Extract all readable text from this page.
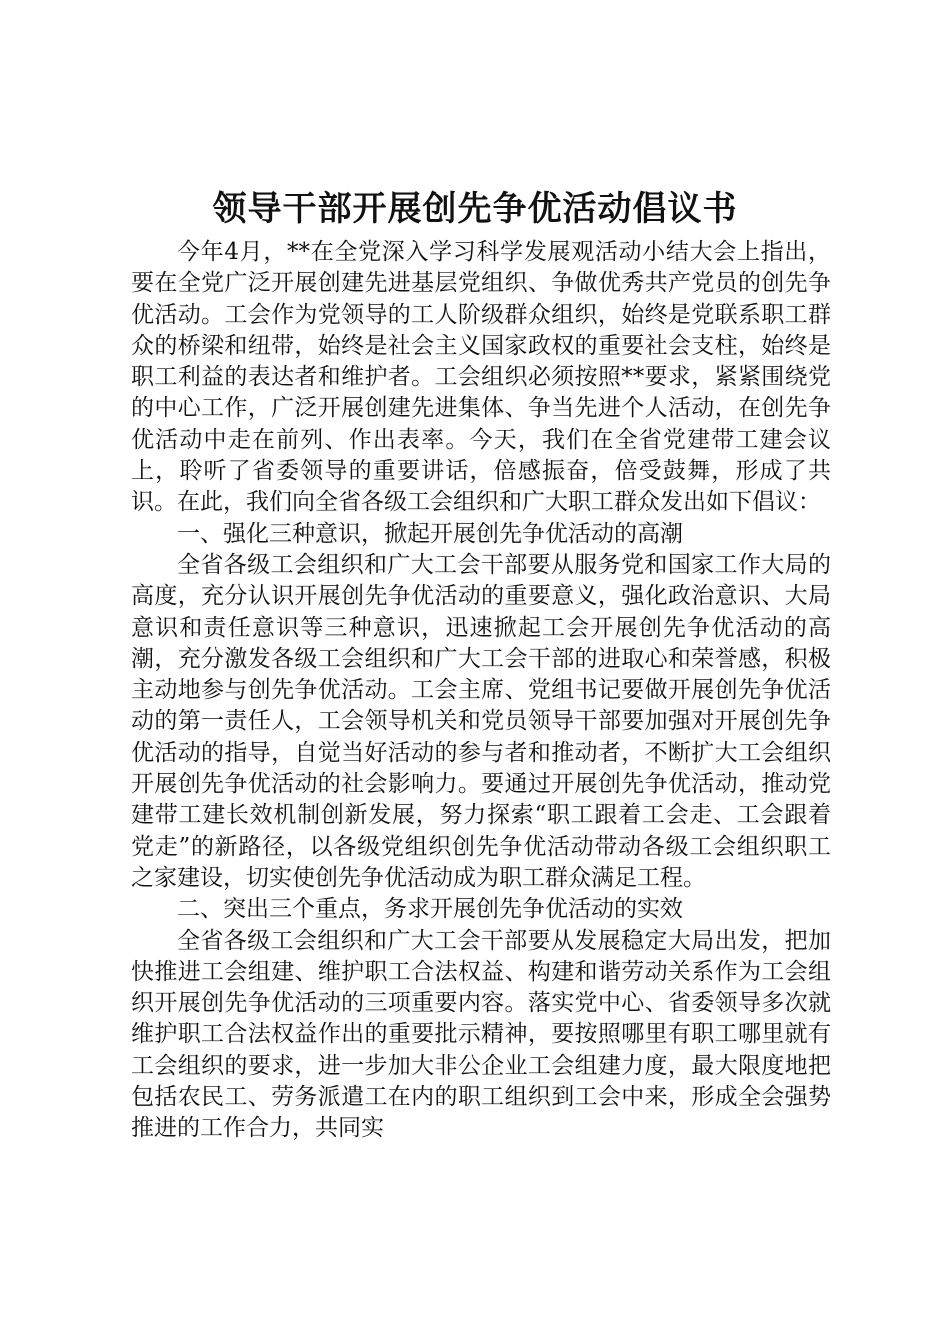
领导干部开展创先争优活动倡议书

今年4月，**在全党深入学习科学发展观活动小结大会上指出，要在全党广泛开展创建先进基层党组织、争做优秀共产党员的创先争优活动。工会作为党领导的工人阶级群众组织，始终是党联系职工群众的桥梁和纽带，始终是社会主义国家政权的重要社会支柱，始终是职工利益的表达者和维护者。工会组织必须按照**要求，紧紧围绕党的中心工作，广泛开展创建先进集体、争当先进个人活动，在创先争优活动中走在前列、作出表率。今天，我们在全省党建带工建会议上，聆听了省委领导的重要讲话，倍感振奋，倍受鼓舞，形成了共识。在此，我们向全省各级工会组织和广大职工群众发出如下倡议：

一、强化三种意识，掀起开展创先争优活动的高潮

全省各级工会组织和广大工会干部要从服务党和国家工作大局的高度，充分认识开展创先争优活动的重要意义，强化政治意识、大局意识和责任意识等三种意识，迅速掀起工会开展创先争优活动的高潮，充分激发各级工会组织和广大工会干部的进取心和荣誉感，积极主动地参与创先争优活动。工会主席、党组书记要做开展创先争优活动的第一责任人，工会领导机关和党员领导干部要加强对开展创先争优活动的指导，自觉当好活动的参与者和推动者，不断扩大工会组织开展创先争优活动的社会影响力。要通过开展创先争优活动，推动党建带工建长效机制创新发展，努力探索“职工跟着工会走、工会跟着党走”的新路径，以各级党组织创先争优活动带动各级工会组织职工之家建设，切实使创先争优活动成为职工群众满足工程。

二、突出三个重点，务求开展创先争优活动的实效

全省各级工会组织和广大工会干部要从发展稳定大局出发，把加快推进工会组建、维护职工合法权益、构建和谐劳动关系作为工会组织开展创先争优活动的三项重要内容。落实党中心、省委领导多次就维护职工合法权益作出的重要批示精神，要按照哪里有职工哪里就有工会组织的要求，进一步加大非公企业工会组建力度，最大限度地把包括农民工、劳务派遣工在内的职工组织到工会中来，形成全会强势推进的工作合力，共同实
